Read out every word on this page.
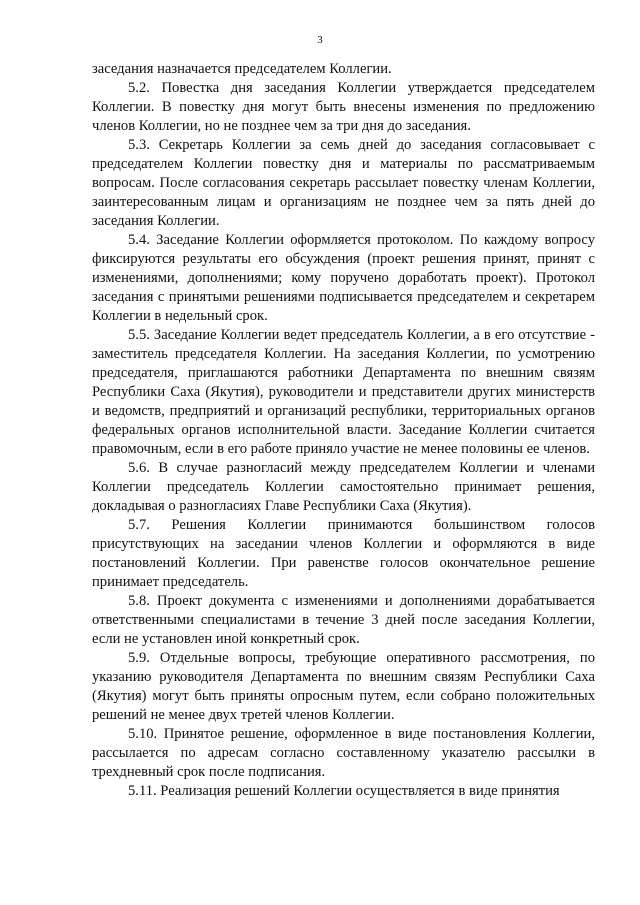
3

заседания назначается председателем Коллегии.

5.2. Повестка дня заседания Коллегии утверждается председателем Коллегии. В повестку дня могут быть внесены изменения по предложению членов Коллегии, но не позднее чем за три дня до заседания.

5.3. Секретарь Коллегии за семь дней до заседания согласовывает с председателем Коллегии повестку дня и материалы по рассматриваемым вопросам. После согласования секретарь рассылает повестку членам Коллегии, заинтересованным лицам и организациям не позднее чем за пять дней до заседания Коллегии.

5.4. Заседание Коллегии оформляется протоколом. По каждому вопросу фиксируются результаты его обсуждения (проект решения принят, принят с изменениями, дополнениями; кому поручено доработать проект). Протокол заседания с принятыми решениями подписывается председателем и секретарем Коллегии в недельный срок.

5.5. Заседание Коллегии ведет председатель Коллегии, а в его отсутствие - заместитель председателя Коллегии. На заседания Коллегии, по усмотрению председателя, приглашаются работники Департамента по внешним связям Республики Саха (Якутия), руководители и представители других министерств и ведомств, предприятий и организаций республики, территориальных органов федеральных органов исполнительной власти. Заседание Коллегии считается правомочным, если в его работе приняло участие не менее половины ее членов.

5.6. В случае разногласий между председателем Коллегии и членами Коллегии председатель Коллегии самостоятельно принимает решения, докладывая о разногласиях Главе Республики Саха (Якутия).

5.7. Решения Коллегии принимаются большинством голосов присутствующих на заседании членов Коллегии и оформляются в виде постановлений Коллегии. При равенстве голосов окончательное решение принимает председатель.

5.8. Проект документа с изменениями и дополнениями дорабатывается ответственными специалистами в течение 3 дней после заседания Коллегии, если не установлен иной конкретный срок.

5.9. Отдельные вопросы, требующие оперативного рассмотрения, по указанию руководителя Департамента по внешним связям Республики Саха (Якутия) могут быть приняты опросным путем, если собрано положительных решений не менее двух третей членов Коллегии.

5.10. Принятое решение, оформленное в виде постановления Коллегии, рассылается по адресам согласно составленному указателю рассылки в трехдневный срок после подписания.

5.11. Реализация решений Коллегии осуществляется в виде принятия
